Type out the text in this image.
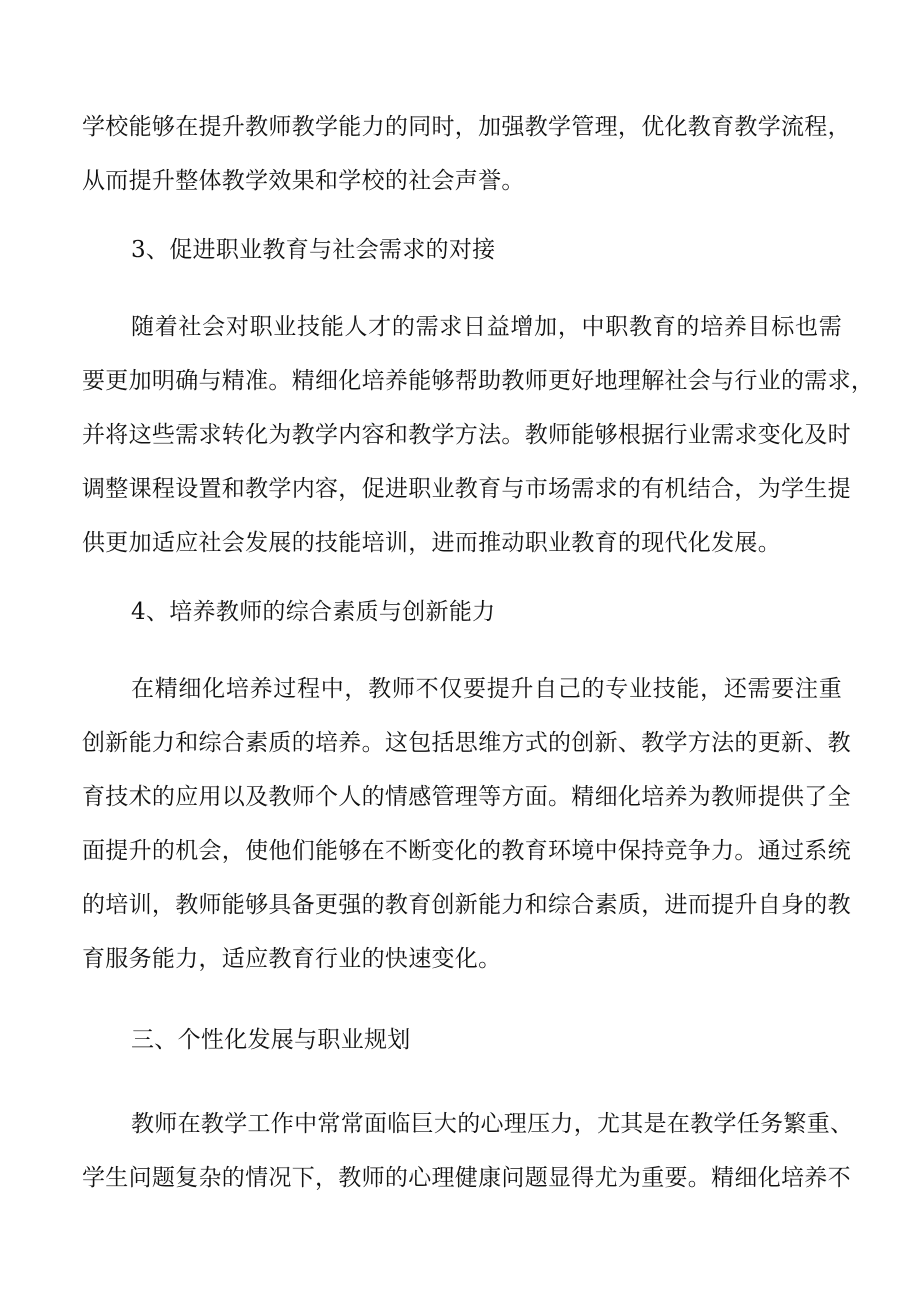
学校能够在提升教师教学能力的同时，加强教学管理，优化教育教学流程，
从而提升整体教学效果和学校的社会声誉。
3、促进职业教育与社会需求的对接
随着社会对职业技能人才的需求日益增加，中职教育的培养目标也需
要更加明确与精准。精细化培养能够帮助教师更好地理解社会与行业的需求，
并将这些需求转化为教学内容和教学方法。教师能够根据行业需求变化及时
调整课程设置和教学内容，促进职业教育与市场需求的有机结合，为学生提
供更加适应社会发展的技能培训，进而推动职业教育的现代化发展。
4、培养教师的综合素质与创新能力
在精细化培养过程中，教师不仅要提升自己的专业技能，还需要注重
创新能力和综合素质的培养。这包括思维方式的创新、教学方法的更新、教
育技术的应用以及教师个人的情感管理等方面。精细化培养为教师提供了全
面提升的机会，使他们能够在不断变化的教育环境中保持竞争力。通过系统
的培训，教师能够具备更强的教育创新能力和综合素质，进而提升自身的教
育服务能力，适应教育行业的快速变化。
三、个性化发展与职业规划
教师在教学工作中常常面临巨大的心理压力，尤其是在教学任务繁重、
学生问题复杂的情况下，教师的心理健康问题显得尤为重要。精细化培养不
